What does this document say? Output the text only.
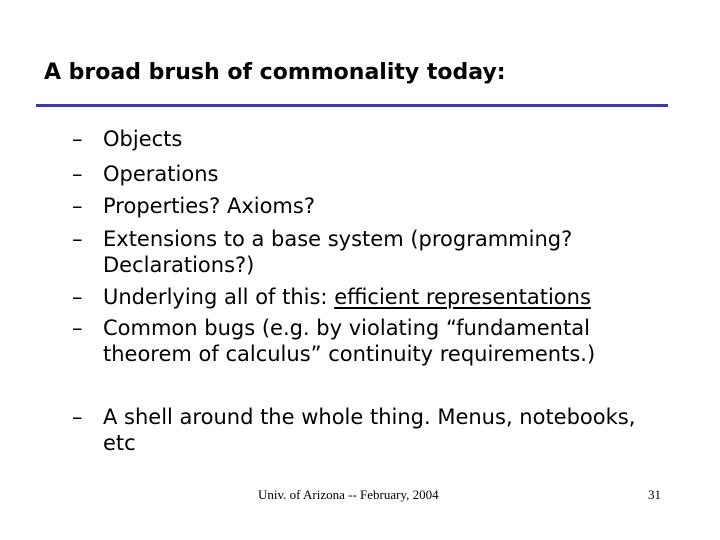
A broad brush of commonality today:
– Objects
– Operations
– Properties? Axioms?
– Extensions to a base system (programming?
Declarations?)
– Underlying all of this: efficient representations
– Common bugs (e.g. by violating “fundamental
theorem of calculus” continuity requirements.)
– A shell around the whole thing. Menus, notebooks,
etc
Univ. of Arizona -- February, 2004	31
